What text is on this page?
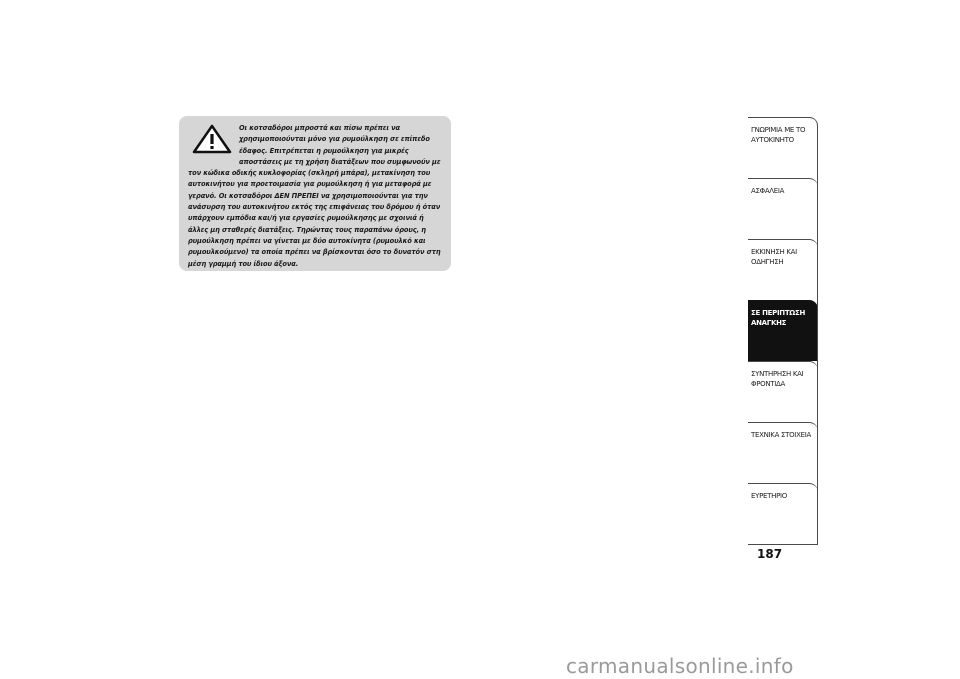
Οι κοτσαδόροι μπροστά και πίσω πρέπει να χρησιμοποιούνται μόνο για ρυμούλκηση σε επίπεδο έδαφος. Επιτρέπεται η ρυμούλκηση για μικρές αποστάσεις με τη χρήση διατάξεων που συμφωνούν με τον κώδικα οδικής κυκλοφορίας (σκληρή μπάρα), μετακίνηση του αυτοκινήτου για προετοιμασία για ρυμούλκηση ή για μεταφορά με γερανό. Οι κοτσαδόροι ΔΕΝ ΠΡΕΠΕΙ να χρησιμοποιούνται για την ανάσυρση του αυτοκινήτου εκτός της επιφάνειας του δρόμου ή όταν υπάρχουν εμπόδια και/ή για εργασίες ρυμούλκησης με σχοινιά ή άλλες μη σταθερές διατάξεις. Τηρώντας τους παραπάνω όρους, η ρυμούλκηση πρέπει να γίνεται με δύο αυτοκίνητα (ρυμουλκό και ρυμουλκούμενο) τα οποία πρέπει να βρίσκονται όσο το δυνατόν στη μέση γραμμή του ίδιου άξονα.

ΓΝΩΡΙΜΙΑ ΜΕ ΤΟ ΑΥΤΟΚΙΝΗΤΟ
ΑΣΦΑΛΕΙΑ
ΕΚΚΙΝΗΣΗ ΚΑΙ ΟΔΗΓΗΣΗ
ΣΕ ΠΕΡΙΠΤΩΣΗ ΑΝΑΓΚΗΣ
ΣΥΝΤΗΡΗΣΗ ΚΑΙ ΦΡΟΝΤΙΔΑ
ΤΕΧΝΙΚΑ ΣΤΟΙΧΕΙΑ
ΕΥΡΕΤΗΡΙΟ
187
carmanualsonline.info
